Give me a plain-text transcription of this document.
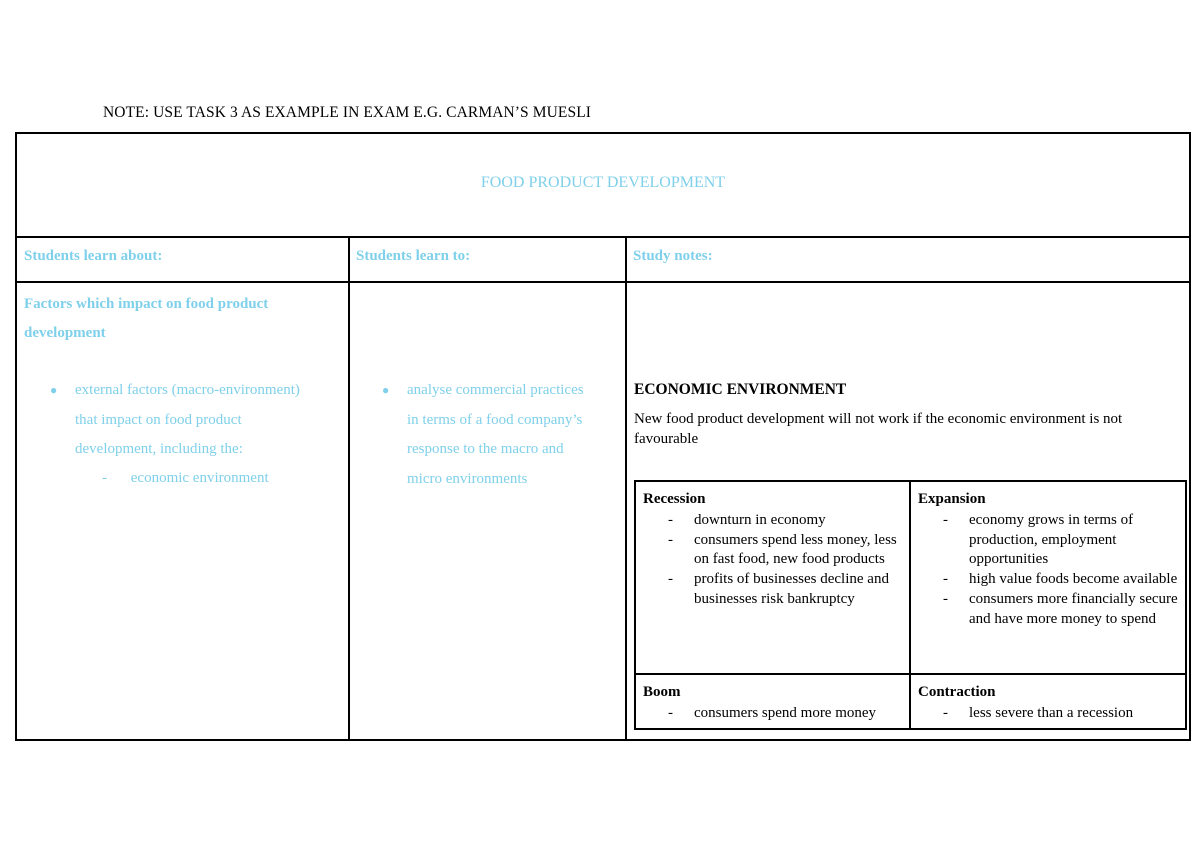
NOTE: USE TASK 3 AS EXAMPLE IN EXAM E.G. CARMAN’S MUESLI
FOOD PRODUCT DEVELOPMENT
Students learn about:	Students learn to:	Study notes:
Factors which impact on food product
development
● external factors (macro-environment)
that impact on food product
development, including the:
- economic environment
● analyse commercial practices
in terms of a food company’s
response to the macro and
micro environments
ECONOMIC ENVIRONMENT
New food product development will not work if the economic environment is not favourable
Recession
- downturn in economy
- consumers spend less money, less on fast food, new food products
- profits of businesses decline and businesses risk bankruptcy
Expansion
- economy grows in terms of production, employment opportunities
- high value foods become available
- consumers more financially secure and have more money to spend
Boom
- consumers spend more money
Contraction
- less severe than a recession
